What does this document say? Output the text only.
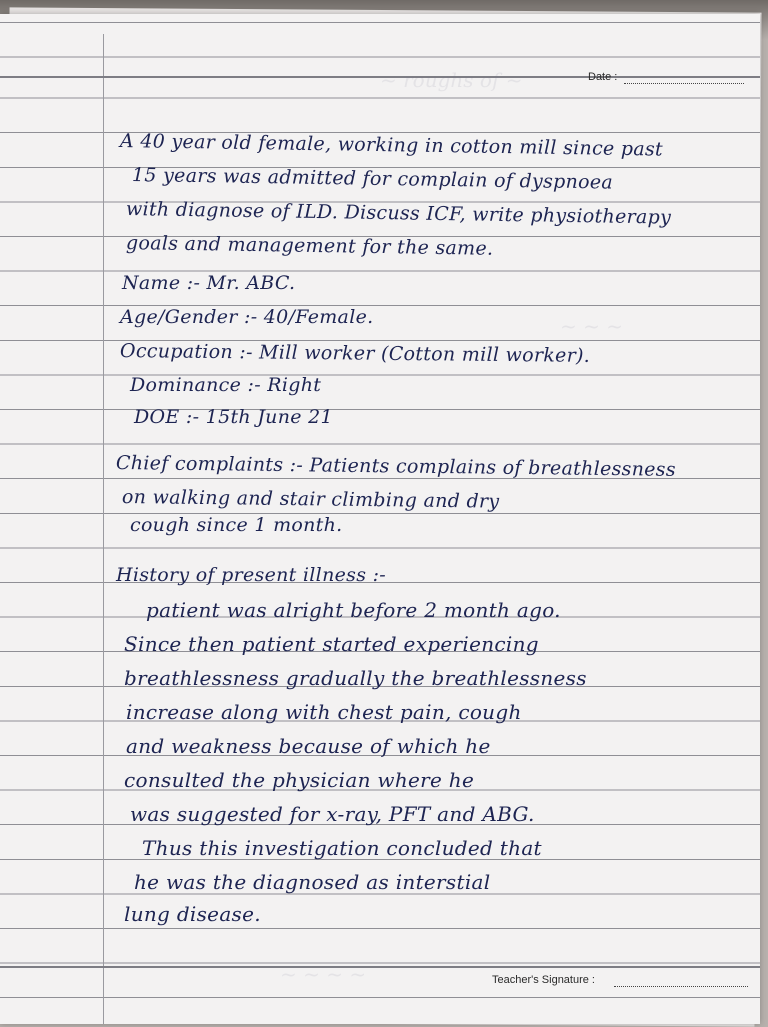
~ roughs of ~
~ ~ ~
~ ~ ~ ~
Date :
A 40 year old female, working in cotton mill since past
15 years was admitted for complain of dyspnoea
with diagnose of ILD. Discuss ICF, write physiotherapy
goals and management for the same.
Name :- Mr. ABC.
Age/Gender :- 40/Female.
Occupation :- Mill worker (Cotton mill worker).
Dominance :- Right
DOE :- 15th June 21
Chief complaints :- Patients complains of breathlessness
on walking and stair climbing and dry
cough since 1 month.
History of present illness :-
patient was alright before 2 month ago.
Since then patient started experiencing
breathlessness gradually the breathlessness
increase along with chest pain, cough
and weakness because of which he
consulted the physician where he
was suggested for x-ray, PFT and ABG.
Thus this investigation concluded that
he was the diagnosed as interstial
lung disease.
Teacher's Signature :
